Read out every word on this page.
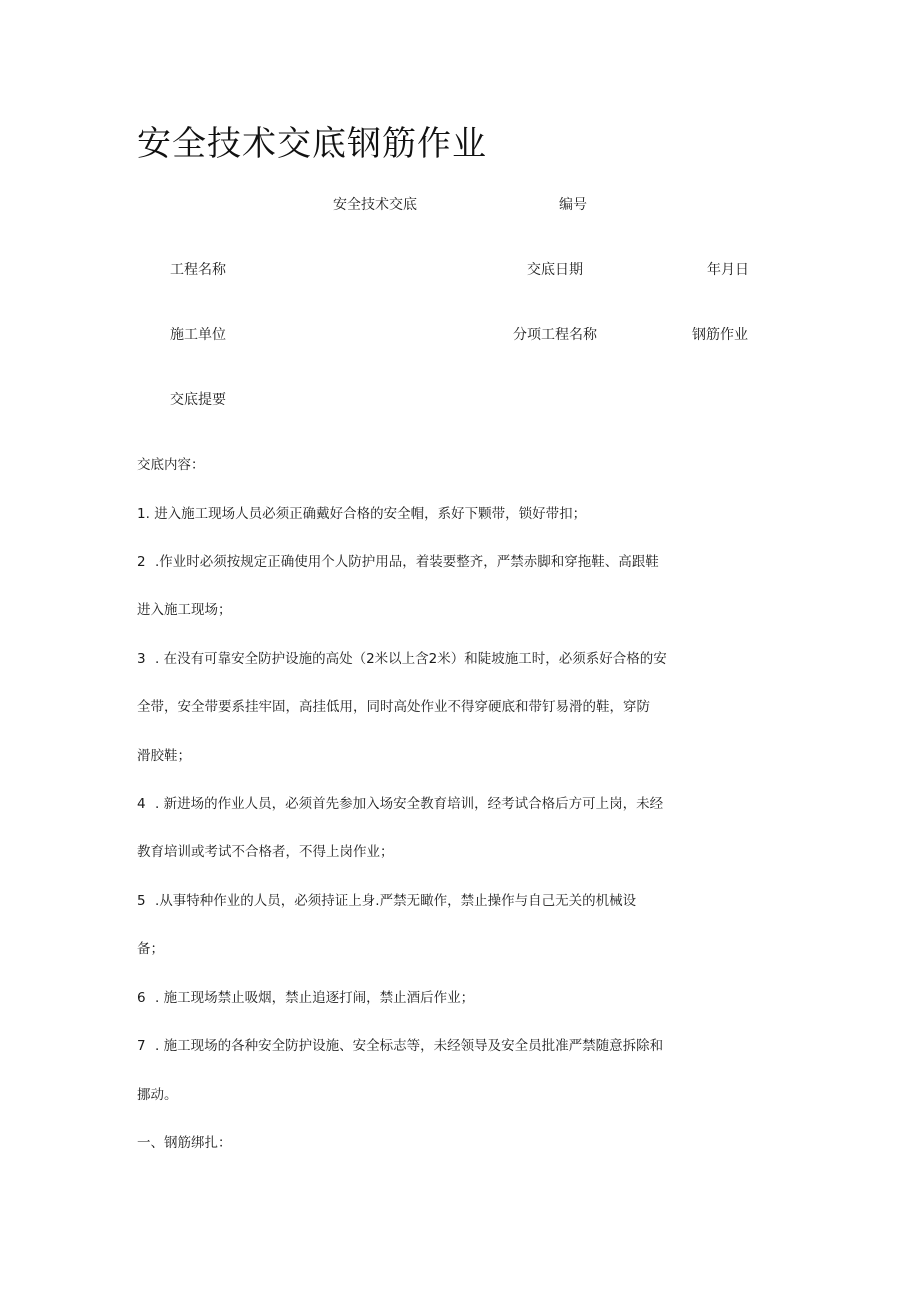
安全技术交底钢筋作业
安全技术交底	编号
工程名称	交底日期	年月日
施工单位	分项工程名称	钢筋作业
交底提要
交底内容：
1. 进入施工现场人员必须正确戴好合格的安全帽，系好下颗带，锁好带扣；
2 .作业时必须按规定正确使用个人防护用品，着装要整齐，严禁赤脚和穿拖鞋、高跟鞋
进入施工现场；
3 . 在没有可靠安全防护设施的高处（2米以上含2米）和陡坡施工时，必须系好合格的安
全带，安全带要系挂牢固，高挂低用，同时高处作业不得穿硬底和带钉易滑的鞋，穿防
滑胶鞋；
4 . 新进场的作业人员，必须首先参加入场安全教育培训，经考试合格后方可上岗，未经
教育培训或考试不合格者，不得上岗作业；
5 .从事特种作业的人员，必须持证上身.严禁无瞰作，禁止操作与自己无关的机械设
备；
6 . 施工现场禁止吸烟，禁止追逐打闹，禁止酒后作业；
7 . 施工现场的各种安全防护设施、安全标志等，未经领导及安全员批准严禁随意拆除和
挪动。
一、钢筋绑扎：
